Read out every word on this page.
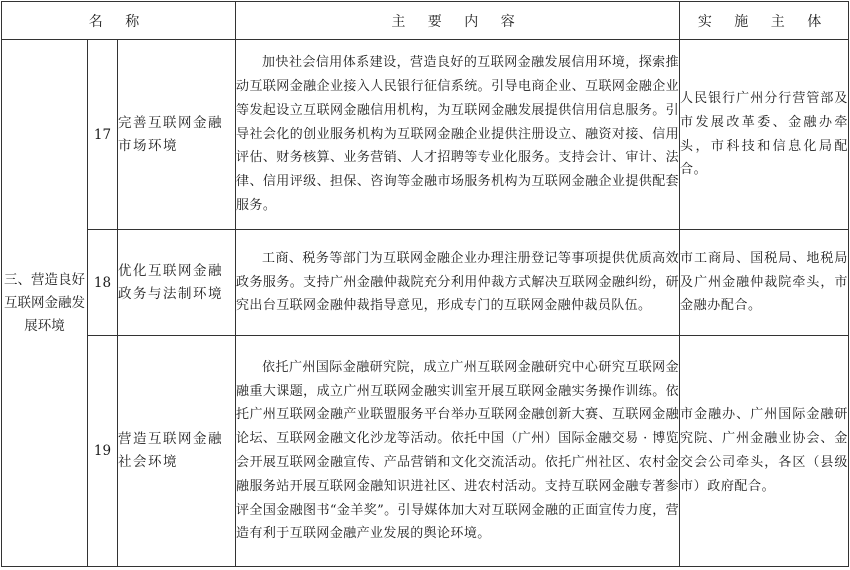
名 称			主 要 内 容	实 施 主 体
三、营造良好互联网金融发展环境	17	完善互联网金融市场环境	加快社会信用体系建设，营造良好的互联网金融发展信用环境，探索推动互联网金融企业接入人民银行征信系统。引导电商企业、互联网金融企业等发起设立互联网金融信用机构，为互联网金融发展提供信用信息服务。引导社会化的创业服务机构为互联网金融企业提供注册设立、融资对接、信用评估、财务核算、业务营销、人才招聘等专业化服务。支持会计、审计、法律、信用评级、担保、咨询等金融市场服务机构为互联网金融企业提供配套服务。	人民银行广州分行营管部及市发展改革委、金融办牵头，市科技和信息化局配合。
	18	优化互联网金融政务与法制环境	工商、税务等部门为互联网金融企业办理注册登记等事项提供优质高效政务服务。支持广州金融仲裁院充分利用仲裁方式解决互联网金融纠纷，研究出台互联网金融仲裁指导意见，形成专门的互联网金融仲裁员队伍。	市工商局、国税局、地税局及广州金融仲裁院牵头，市金融办配合。
	19	营造互联网金融社会环境	依托广州国际金融研究院，成立广州互联网金融研究中心研究互联网金融重大课题，成立广州互联网金融实训室开展互联网金融实务操作训练。依托广州互联网金融产业联盟服务平台举办互联网金融创新大赛、互联网金融论坛、互联网金融文化沙龙等活动。依托中国（广州）国际金融交易 · 博览会开展互联网金融宣传、产品营销和文化交流活动。依托广州社区、农村金融服务站开展互联网金融知识进社区、进农村活动。支持互联网金融专著参评全国金融图书“金羊奖”。引导媒体加大对互联网金融的正面宣传力度，营造有利于互联网金融产业发展的舆论环境。	市金融办、广州国际金融研究院、广州金融业协会、金交会公司牵头，各区（县级市）政府配合。
